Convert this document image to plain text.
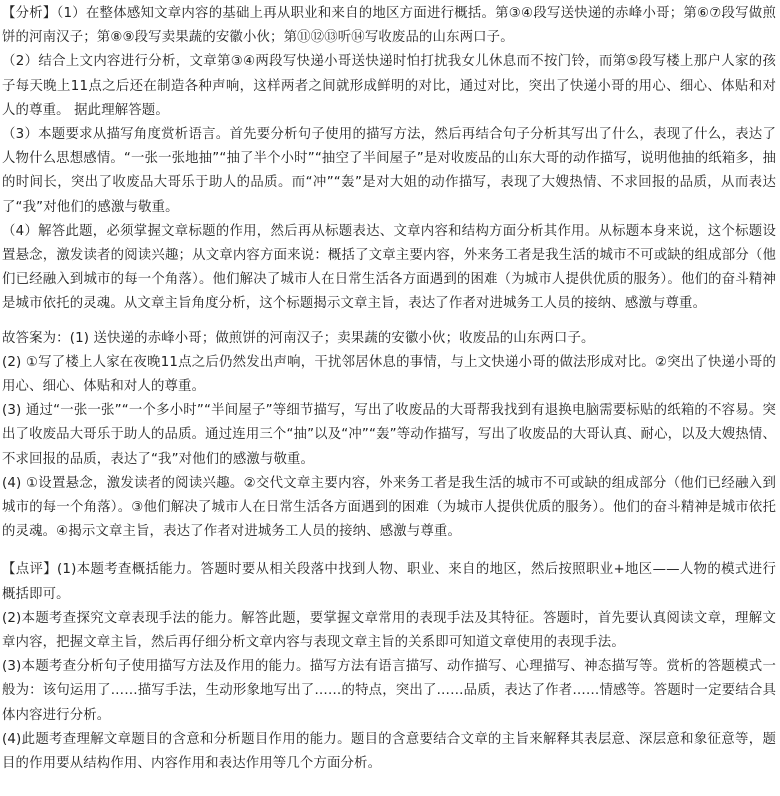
【分析】（1）在整体感知文章内容的基础上再从职业和来自的地区方面进行概括。第③④段写送快递的赤峰小哥；第⑥⑦段写做煎饼的河南汉子；第⑧⑨段写卖果蔬的安徽小伙；第⑪⑫⑬听⑭写收废品的山东两口子。

（2）结合上文内容进行分析，文章第③④两段写快递小哥送快递时怕打扰我女儿休息而不按门铃，而第⑤段写楼上那户人家的孩子每天晚上11点之后还在制造各种声响，这样两者之间就形成鲜明的对比，通过对比，突出了快递小哥的用心、细心、体贴和对人的尊重。 据此理解答题。

（3）本题要求从描写角度赏析语言。首先要分析句子使用的描写方法，然后再结合句子分析其写出了什么，表现了什么，表达了人物什么思想感情。“一张一张地抽”“抽了半个小时”“抽空了半间屋子”是对收废品的山东大哥的动作描写，说明他抽的纸箱多，抽的时间长，突出了收废品大哥乐于助人的品质。而“冲”“轰”是对大姐的动作描写，表现了大嫂热情、不求回报的品质，从而表达了“我”对他们的感激与敬重。

（4）解答此题，必须掌握文章标题的作用，然后再从标题表达、文章内容和结构方面分析其作用。从标题本身来说，这个标题设置悬念，激发读者的阅读兴趣；从文章内容方面来说：概括了文章主要内容，外来务工者是我生活的城市不可或缺的组成部分（他们已经融入到城市的每一个角落）。他们解决了城市人在日常生活各方面遇到的困难（为城市人提供优质的服务）。他们的奋斗精神是城市依托的灵魂。从文章主旨角度分析，这个标题揭示文章主旨，表达了作者对进城务工人员的接纳、感激与尊重。

故答案为：(1) 送快递的赤峰小哥；做煎饼的河南汉子；卖果蔬的安徽小伙；收废品的山东两口子。

(2) ①写了楼上人家在夜晚11点之后仍然发出声响，干扰邻居休息的事情，与上文快递小哥的做法形成对比。②突出了快递小哥的用心、细心、体贴和对人的尊重。

(3) 通过“一张一张”“一个多小时”“半间屋子”等细节描写，写出了收废品的大哥帮我找到有退换电脑需要标贴的纸箱的不容易。突出了收废品大哥乐于助人的品质。通过连用三个“抽”以及“冲”“轰”等动作描写，写出了收废品的大哥认真、耐心，以及大嫂热情、不求回报的品质，表达了“我”对他们的感激与敬重。

(4) ①设置悬念，激发读者的阅读兴趣。②交代文章主要内容，外来务工者是我生活的城市不可或缺的组成部分（他们已经融入到城市的每一个角落）。③他们解决了城市人在日常生活各方面遇到的困难（为城市人提供优质的服务）。他们的奋斗精神是城市依托的灵魂。④揭示文章主旨，表达了作者对进城务工人员的接纳、感激与尊重。

【点评】(1)本题考查概括能力。答题时要从相关段落中找到人物、职业、来自的地区，然后按照职业+地区——人物的模式进行概括即可。

(2)本题考查探究文章表现手法的能力。解答此题，要掌握文章常用的表现手法及其特征。答题时，首先要认真阅读文章，理解文章内容，把握文章主旨，然后再仔细分析文章内容与表现文章主旨的关系即可知道文章使用的表现手法。

(3)本题考查分析句子使用描写方法及作用的能力。描写方法有语言描写、动作描写、心理描写、神态描写等。赏析的答题模式一般为：该句运用了……描写手法，生动形象地写出了……的特点，突出了……品质，表达了作者……情感等。答题时一定要结合具体内容进行分析。

(4)此题考查理解文章题目的含意和分析题目作用的能力。题目的含意要结合文章的主旨来解释其表层意、深层意和象征意等，题目的作用要从结构作用、内容作用和表达作用等几个方面分析。
